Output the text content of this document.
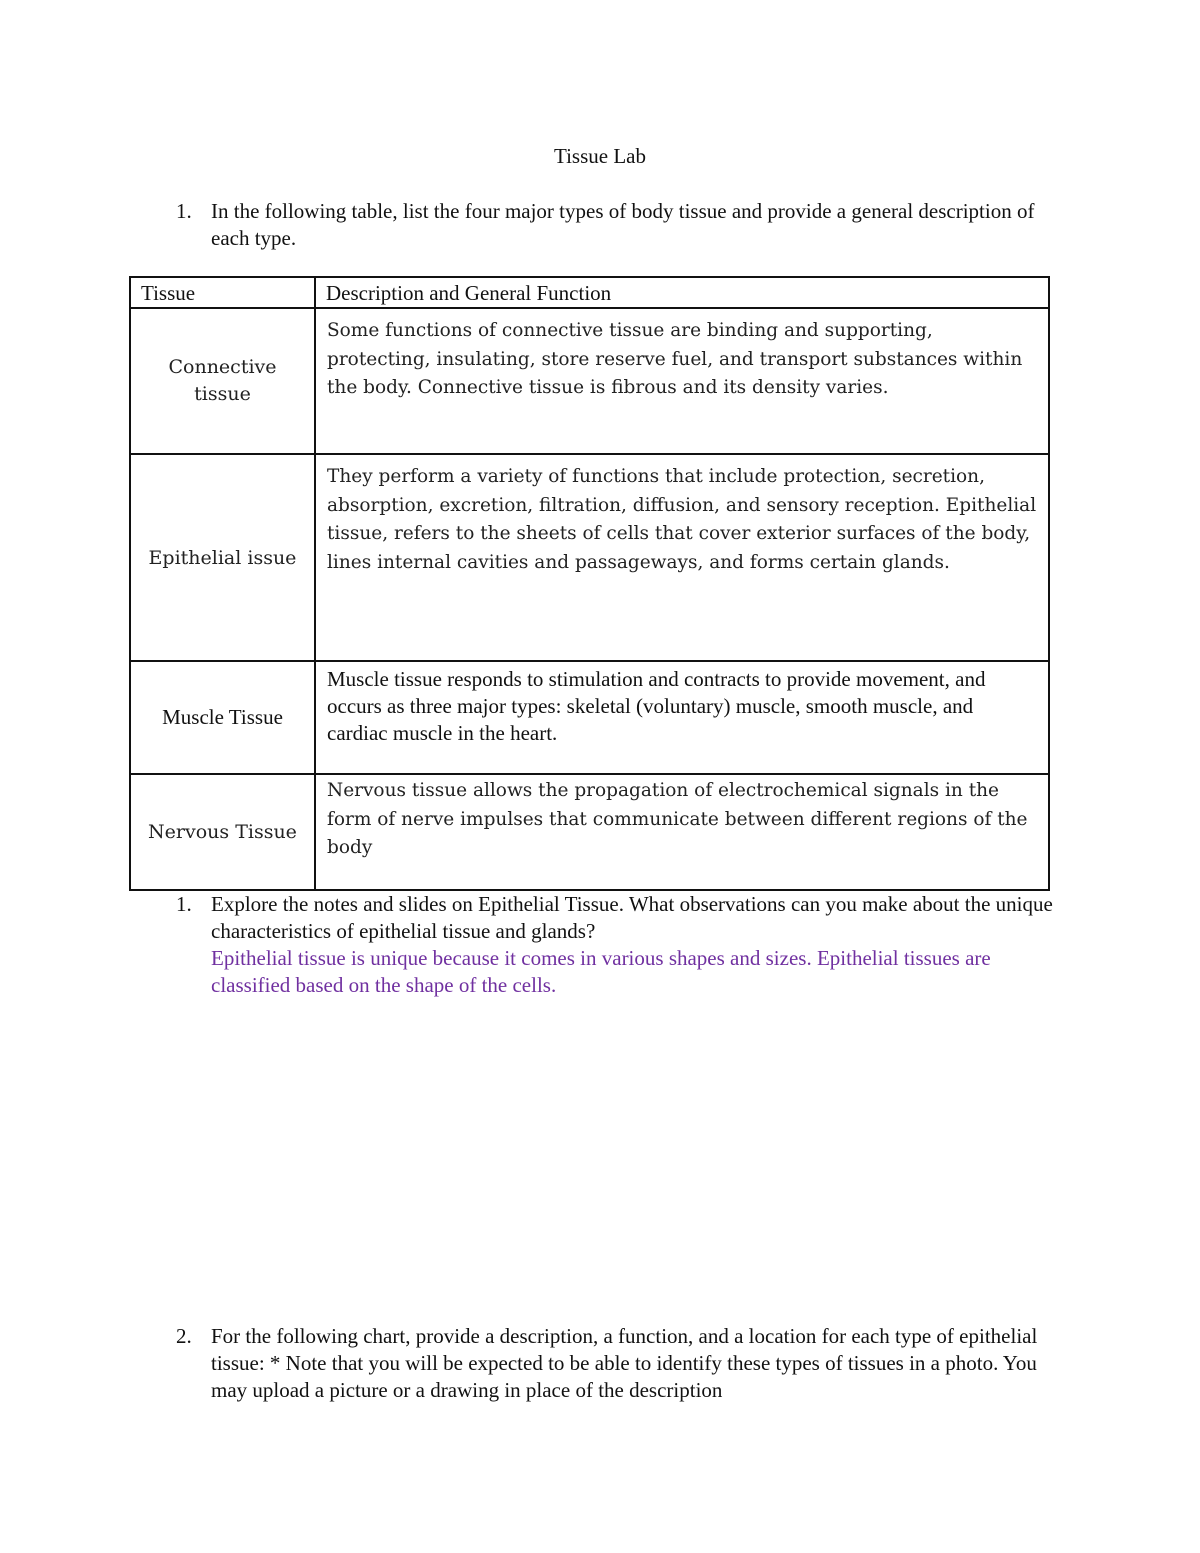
Tissue Lab
1. In the following table, list the four major types of body tissue and provide a general description of each type.
Tissue	Description and General Function
Connective tissue	Some functions of connective tissue are binding and supporting, protecting, insulating, store reserve fuel, and transport substances within the body. Connective tissue is fibrous and its density varies.
Epithelial issue	They perform a variety of functions that include protection, secretion, absorption, excretion, filtration, diffusion, and sensory reception. Epithelial tissue, refers to the sheets of cells that cover exterior surfaces of the body, lines internal cavities and passageways, and forms certain glands.
Muscle Tissue	Muscle tissue responds to stimulation and contracts to provide movement, and occurs as three major types: skeletal (voluntary) muscle, smooth muscle, and cardiac muscle in the heart.
Nervous Tissue	Nervous tissue allows the propagation of electrochemical signals in the form of nerve impulses that communicate between different regions of the body
1. Explore the notes and slides on Epithelial Tissue. What observations can you make about the unique characteristics of epithelial tissue and glands?
Epithelial tissue is unique because it comes in various shapes and sizes. Epithelial tissues are classified based on the shape of the cells.
2. For the following chart, provide a description, a function, and a location for each type of epithelial tissue: * Note that you will be expected to be able to identify these types of tissues in a photo. You may upload a picture or a drawing in place of the description
